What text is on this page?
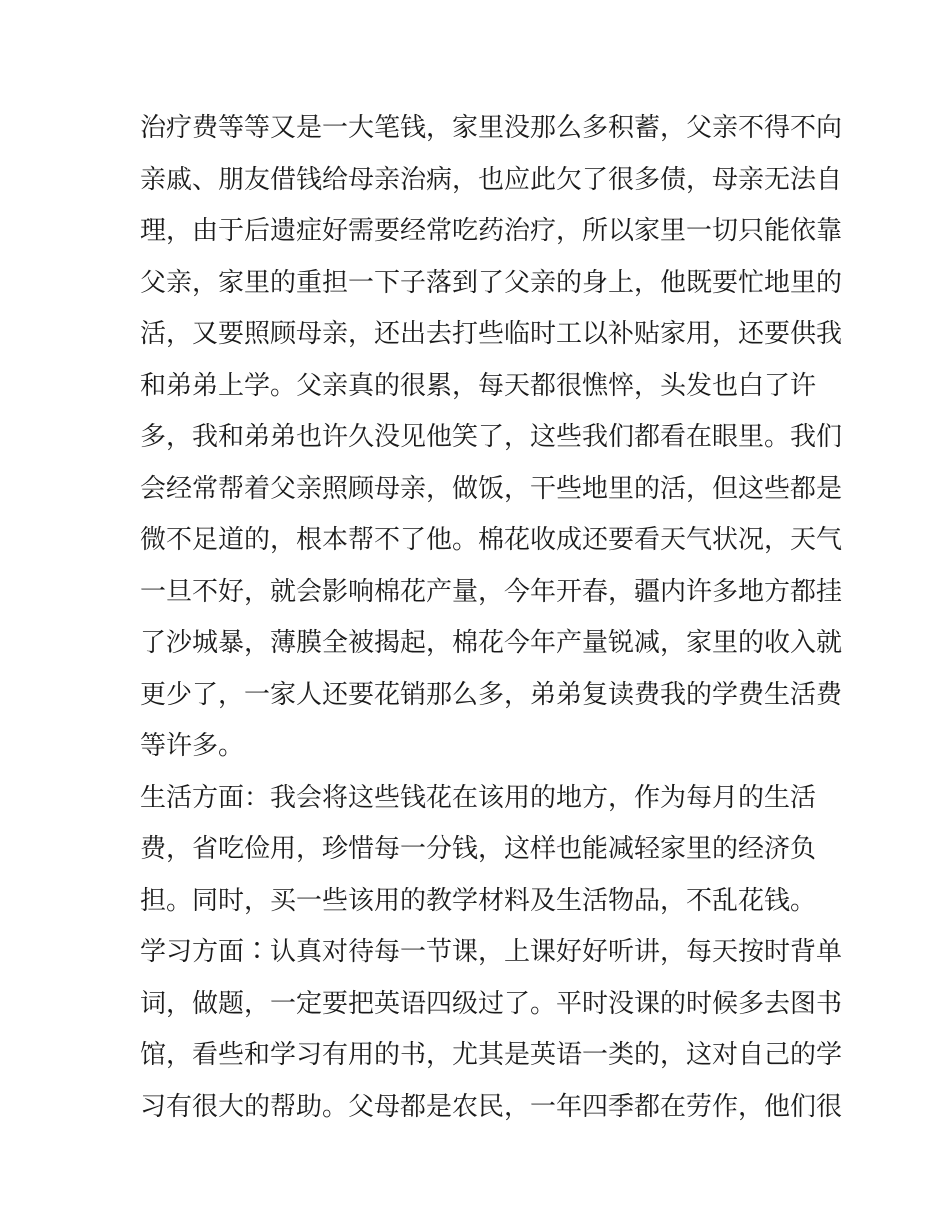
治疗费等等又是一大笔钱，家里没那么多积蓄，父亲不得不向
亲戚、朋友借钱给母亲治病，也应此欠了很多债，母亲无法自
理，由于后遗症好需要经常吃药治疗，所以家里一切只能依靠
父亲，家里的重担一下子落到了父亲的身上，他既要忙地里的
活，又要照顾母亲，还出去打些临时工以补贴家用，还要供我
和弟弟上学。父亲真的很累，每天都很憔悴，头发也白了许
多，我和弟弟也许久没见他笑了，这些我们都看在眼里。我们
会经常帮着父亲照顾母亲，做饭，干些地里的活，但这些都是
微不足道的，根本帮不了他。棉花收成还要看天气状况，天气
一旦不好，就会影响棉花产量，今年开春，疆内许多地方都挂
了沙城暴，薄膜全被揭起，棉花今年产量锐减，家里的收入就
更少了，一家人还要花销那么多，弟弟复读费我的学费生活费
等许多。
生活方面：我会将这些钱花在该用的地方，作为每月的生活
费，省吃俭用，珍惜每一分钱，这样也能减轻家里的经济负
担。同时，买一些该用的教学材料及生活物品，不乱花钱。
学习方面∶认真对待每一节课，上课好好听讲，每天按时背单
词，做题，一定要把英语四级过了。平时没课的时候多去图书
馆，看些和学习有用的书，尤其是英语一类的，这对自己的学
习有很大的帮助。父母都是农民，一年四季都在劳作，他们很
